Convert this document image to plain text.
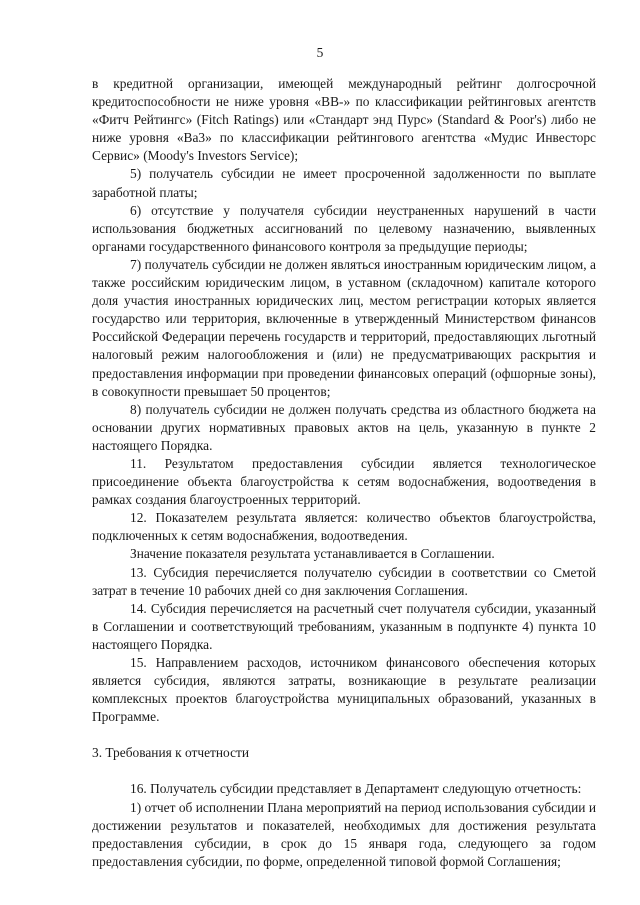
5

в кредитной организации, имеющей международный рейтинг долгосрочной кредитоспособности не ниже уровня «BB-» по классификации рейтинговых агентств «Фитч Рейтингс» (Fitch Ratings) или «Стандарт энд Пурс» (Standard & Poor's) либо не ниже уровня «Ba3» по классификации рейтингового агентства «Мудис Инвесторс Сервис» (Moody's Investors Service);

5) получатель субсидии не имеет просроченной задолженности по выплате заработной платы;

6) отсутствие у получателя субсидии неустраненных нарушений в части использования бюджетных ассигнований по целевому назначению, выявленных органами государственного финансового контроля за предыдущие периоды;

7) получатель субсидии не должен являться иностранным юридическим лицом, а также российским юридическим лицом, в уставном (складочном) капитале которого доля участия иностранных юридических лиц, местом регистрации которых является государство или территория, включенные в утвержденный Министерством финансов Российской Федерации перечень государств и территорий, предоставляющих льготный налоговый режим налогообложения и (или) не предусматривающих раскрытия и предоставления информации при проведении финансовых операций (офшорные зоны), в совокупности превышает 50 процентов;

8) получатель субсидии не должен получать средства из областного бюджета на основании других нормативных правовых актов на цель, указанную в пункте 2 настоящего Порядка.

11. Результатом предоставления субсидии является технологическое присоединение объекта благоустройства к сетям водоснабжения, водоотведения в рамках создания благоустроенных территорий.

12. Показателем результата является: количество объектов благоустройства, подключенных к сетям водоснабжения, водоотведения.

Значение показателя результата устанавливается в Соглашении.

13. Субсидия перечисляется получателю субсидии в соответствии со Сметой затрат в течение 10 рабочих дней со дня заключения Соглашения.

14. Субсидия перечисляется на расчетный счет получателя субсидии, указанный в Соглашении и соответствующий требованиям, указанным в подпункте 4) пункта 10 настоящего Порядка.

15. Направлением расходов, источником финансового обеспечения которых является субсидия, являются затраты, возникающие в результате реализации комплексных проектов благоустройства муниципальных образований, указанных в Программе.

3. Требования к отчетности

16. Получатель субсидии представляет в Департамент следующую отчетность:

1) отчет об исполнении Плана мероприятий на период использования субсидии и достижении результатов и показателей, необходимых для достижения результата предоставления субсидии, в срок до 15 января года, следующего за годом предоставления субсидии, по форме, определенной типовой формой Соглашения;
